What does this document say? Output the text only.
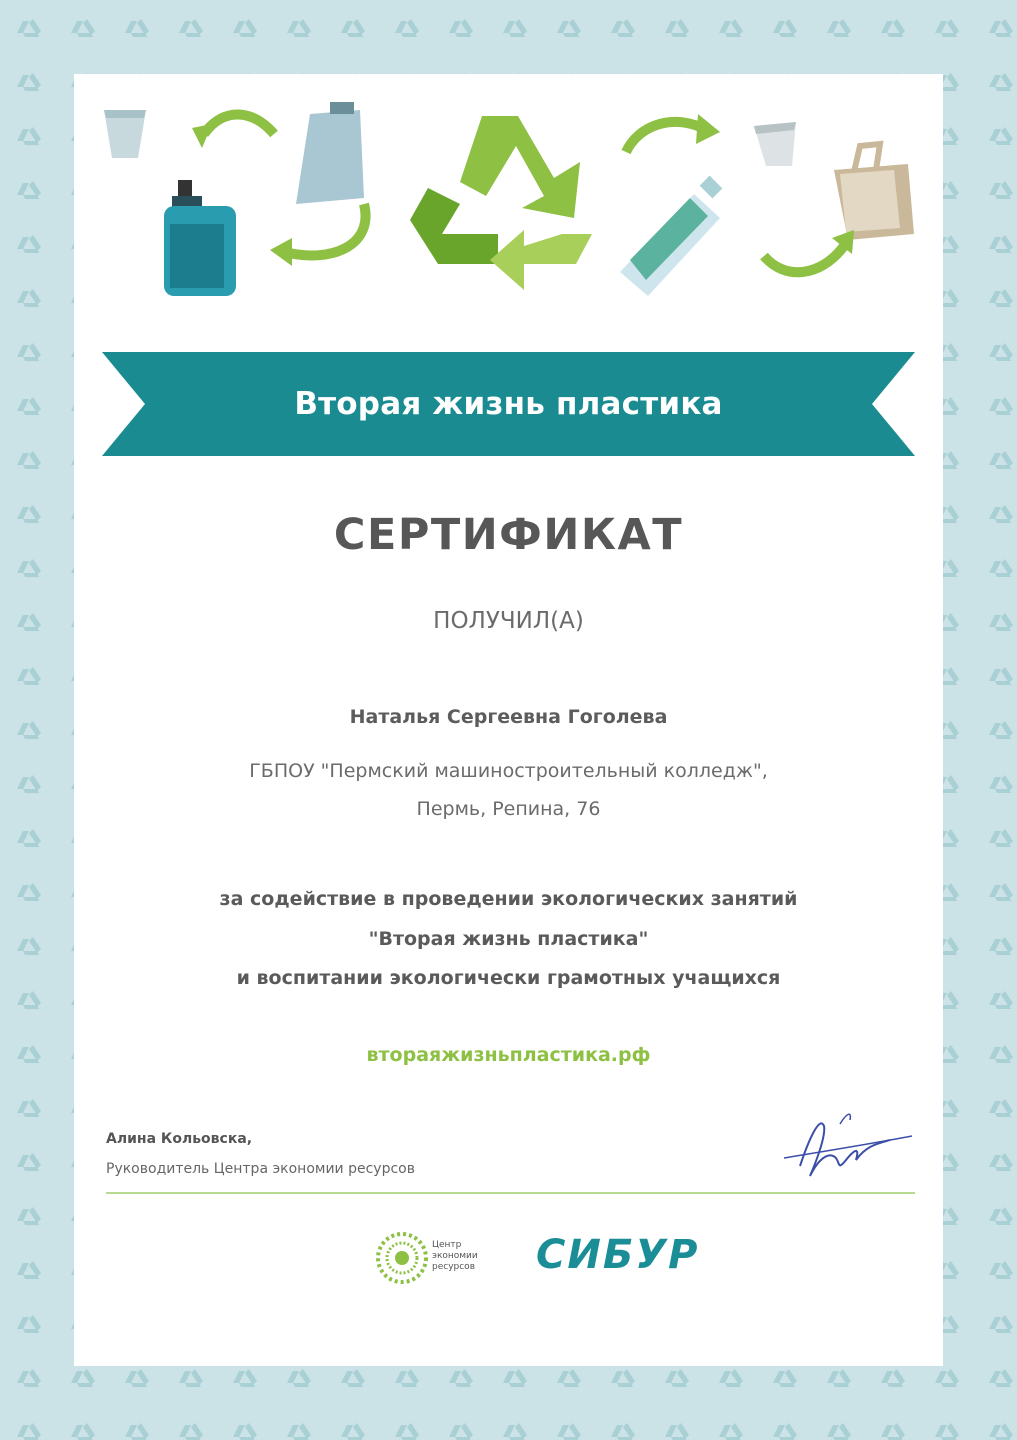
Вторая жизнь пластика
СЕРТИФИКАТ
ПОЛУЧИЛ(А)
Наталья Сергеевна Гоголева
ГБПОУ "Пермский машиностроительный колледж",
Пермь, Репина, 76
за содействие в проведении экологических занятий
"Вторая жизнь пластика"
и воспитании экологически грамотных учащихся
втораяжизньпластика.рф
Алина Кольовска,
Руководитель Центра экономии ресурсов
Центр
экономии
ресурсов	СИБУР
